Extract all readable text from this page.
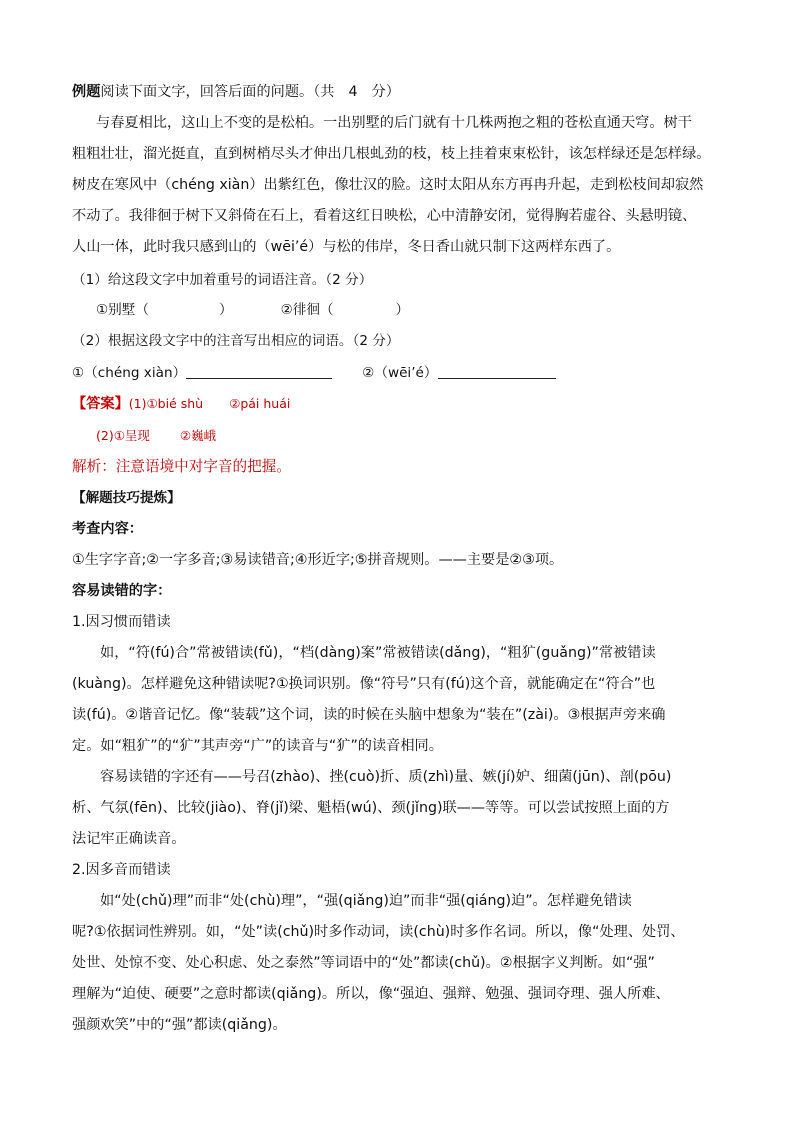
例题阅读下面文字，回答后面的问题。（共 4 分）
与春夏相比，这山上不变的是松柏。一出别墅的后门就有十几株两抱之粗的苍松直通天穹。树干
粗粗壮壮，溜光挺直，直到树梢尽头才伸出几根虬劲的枝，枝上挂着束束松针，该怎样绿还是怎样绿。
树皮在寒风中（chéng xiàn）出紫红色，像壮汉的脸。这时太阳从东方再冉升起，走到松枝间却寂然
不动了。我徘徊于树下又斜倚在石上，看着这红日映松，心中清静安闭，觉得胸若虚谷、头悬明镜、
人山一体，此时我只感到山的（wēi’é）与松的伟岸，冬日香山就只制下这两样东西了。
（1）给这段文字中加着重号的词语注音。（2 分）
①别墅（	）	②徘徊（	）
（2）根据这段文字中的注音写出相应的词语。（2 分）
①（chéng xiàn）	②（wēi’é）
【答案】(1)①bié shù ②pái huái
(2)①呈现 ②巍峨
解析：注意语境中对字音的把握。
【解题技巧提炼】
考查内容：
①生字字音;②一字多音;③易读错音;④形近字;⑤拼音规则。——主要是②③项。
容易读错的字：
1.因习惯而错读
如，“符(fú)合”常被错读(fǔ)，“档(dàng)案”常被错读(dǎng)，“粗犷(guǎng)”常被错读
(kuàng)。怎样避免这种错读呢?①换词识别。像“符号”只有(fú)这个音，就能确定在“符合”也
读(fú)。②谐音记忆。像“装载”这个词，读的时候在头脑中想象为“装在”(zài)。③根据声旁来确
定。如“粗犷”的“犷”其声旁“广”的读音与“犷”的读音相同。
容易读错的字还有——号召(zhào)、挫(cuò)折、质(zhì)量、嫉(jí)妒、细菌(jūn)、剖(pōu)
析、气氛(fēn)、比较(jiào)、脊(jǐ)梁、魁梧(wú)、颈(jǐng)联——等等。可以尝试按照上面的方
法记牢正确读音。
2.因多音而错读
如“处(chǔ)理”而非“处(chù)理”，“强(qiǎng)迫”而非“强(qiáng)迫”。怎样避免错读
呢?①依据词性辨别。如，“处”读(chǔ)时多作动词，读(chù)时多作名词。所以，像“处理、处罚、
处世、处惊不变、处心积虑、处之泰然”等词语中的“处”都读(chǔ)。②根据字义判断。如“强”
理解为“迫使、硬要”之意时都读(qiǎng)。所以，像“强迫、强辩、勉强、强词夺理、强人所难、
强颜欢笑”中的“强”都读(qiǎng)。
